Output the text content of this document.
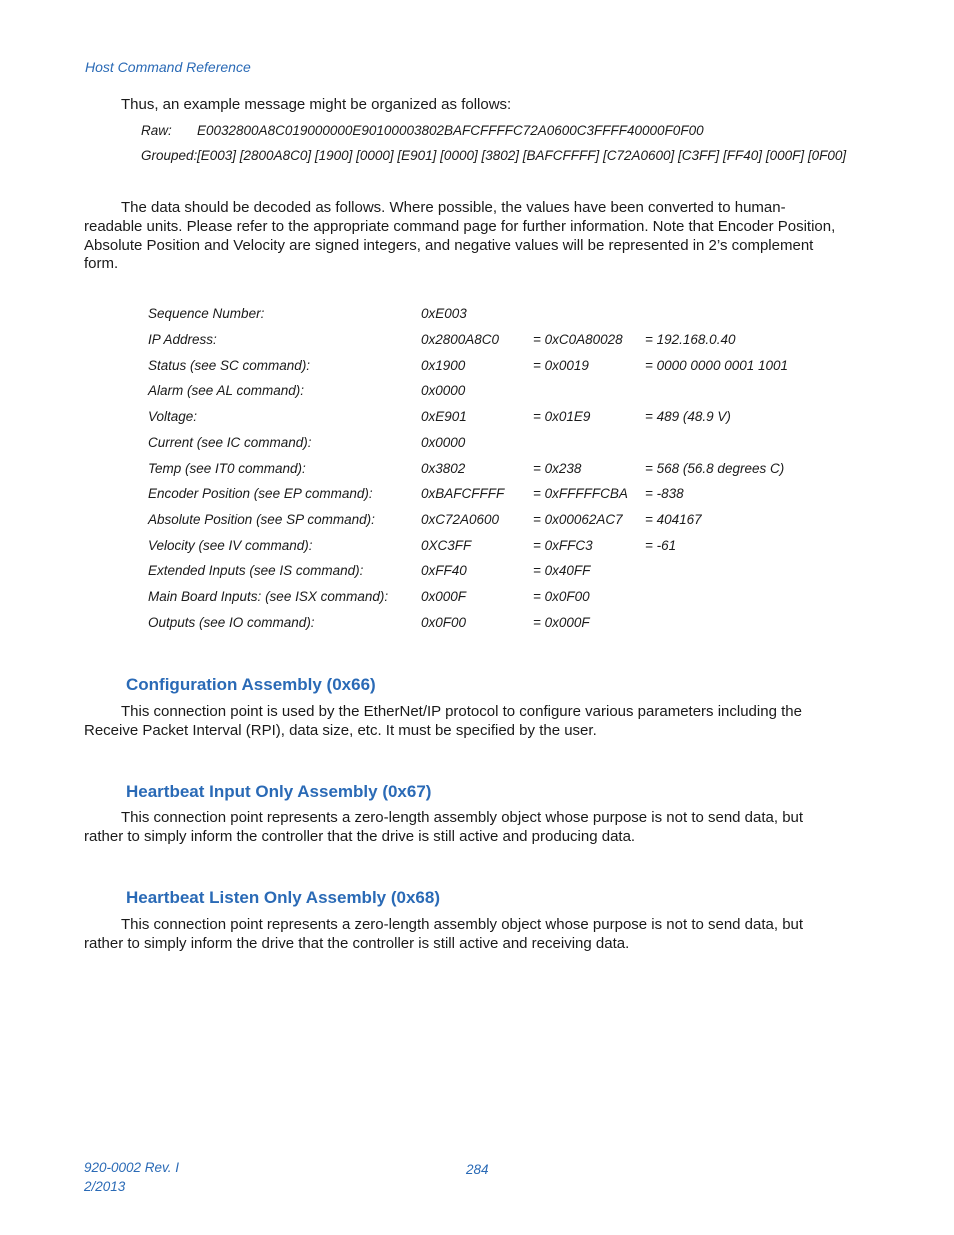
Host Command Reference
Thus, an example message might be organized as follows:
Raw: E0032800A8C019000000E90100003802BAFCFFFFC72A0600C3FFFF40000F0F00
Grouped: [E003] [2800A8C0] [1900] [0000] [E901] [0000] [3802] [BAFCFFFF] [C72A0600] [C3FF] [FF40] [000F] [0F00]
The data should be decoded as follows. Where possible, the values have been converted to human-
readable units. Please refer to the appropriate command page for further information. Note that Encoder Position,
Absolute Position and Velocity are signed integers, and negative values will be represented in 2’s complement
form.
Sequence Number:	0xE003
IP Address:	0x2800A8C0	= 0xC0A80028 = 192.168.0.40
Status (see SC command):	0x1900	= 0x0019	= 0000 0000 0001 1001
Alarm (see AL command):	0x0000
Voltage:	0xE901	= 0x01E9	= 489 (48.9 V)
Current (see IC command):	0x0000
Temp (see IT0 command):	0x3802	= 0x238	= 568 (56.8 degrees C)
Encoder Position (see EP command):	0xBAFCFFFF = 0xFFFFFCBA = -838
Absolute Position (see SP command):	0xC72A0600	= 0x00062AC7 = 404167
Velocity (see IV command):	0XC3FF	= 0xFFC3	= -61
Extended Inputs (see IS command):	0xFF40	= 0x40FF
Main Board Inputs: (see ISX command): 0x000F	= 0x0F00
Outputs (see IO command):	0x0F00	= 0x000F
Configuration Assembly (0x66)
This connection point is used by the EtherNet/IP protocol to configure various parameters including the
Receive Packet Interval (RPI), data size, etc. It must be specified by the user.
Heartbeat Input Only Assembly (0x67)
This connection point represents a zero-length assembly object whose purpose is not to send data, but
rather to simply inform the controller that the drive is still active and producing data.
Heartbeat Listen Only Assembly (0x68)
This connection point represents a zero-length assembly object whose purpose is not to send data, but
rather to simply inform the drive that the controller is still active and receiving data.
920-0002 Rev. I
2/2013
284
